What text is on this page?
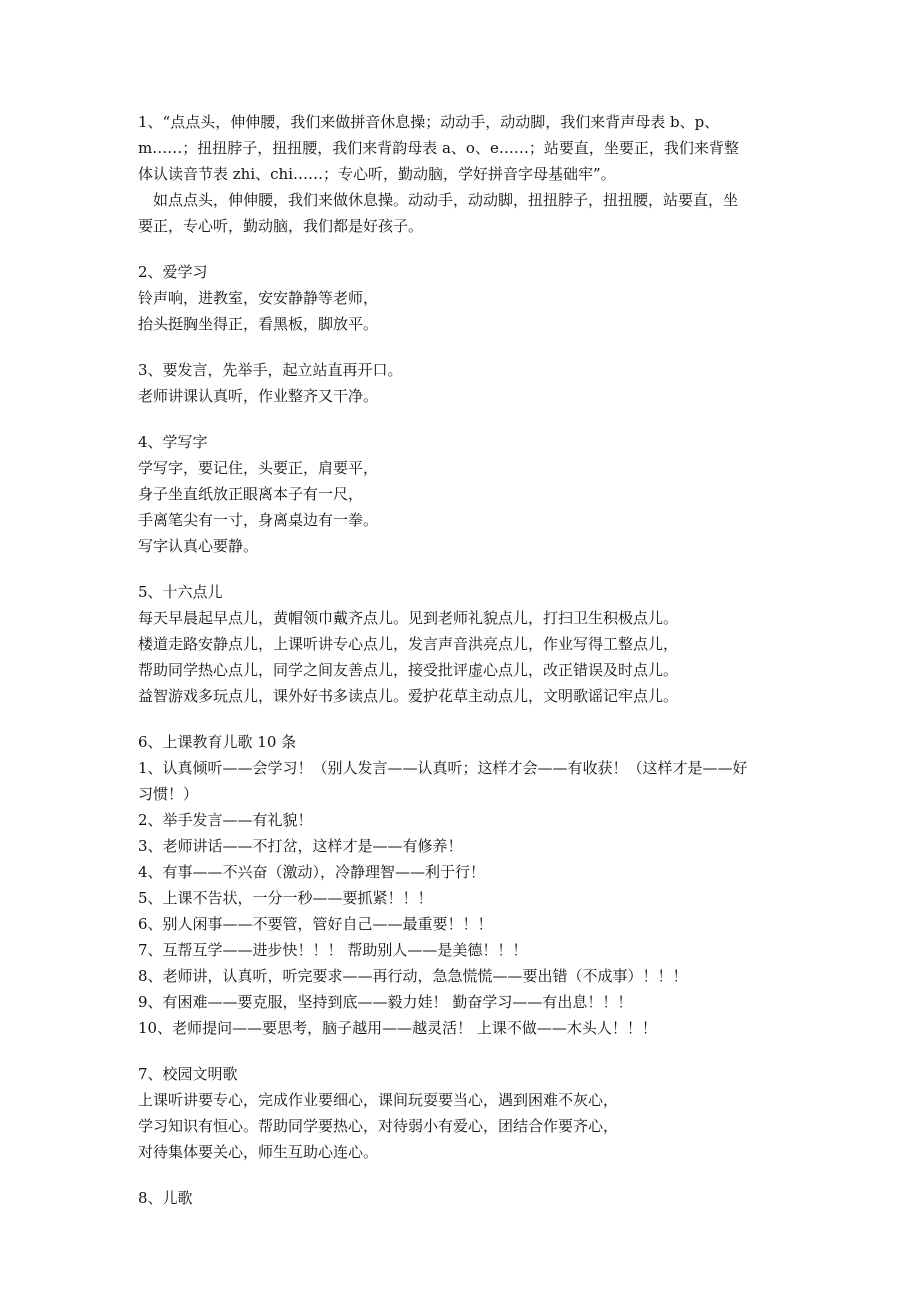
1、“点点头，伸伸腰，我们来做拼音休息操；动动手，动动脚，我们来背声母表 b、p、
m……；扭扭脖子，扭扭腰，我们来背韵母表 a、o、e……；站要直，坐要正，我们来背整
体认读音节表 zhi、chi……；专心听，勤动脑，学好拼音字母基础牢”。
如点点头，伸伸腰，我们来做休息操。动动手，动动脚，扭扭脖子，扭扭腰，站要直，坐
要正，专心听，勤动脑，我们都是好孩子。
2、爱学习
铃声响，进教室，安安静静等老师，
抬头挺胸坐得正，看黑板，脚放平。
3、要发言，先举手，起立站直再开口。
老师讲课认真听，作业整齐又干净。
4、学写字
学写字，要记住，头要正，肩要平，
身子坐直纸放正眼离本子有一尺，
手离笔尖有一寸，身离桌边有一拳。
写字认真心要静。
5、十六点儿
每天早晨起早点儿，黄帽领巾戴齐点儿。见到老师礼貌点儿，打扫卫生积极点儿。
楼道走路安静点儿，上课听讲专心点儿，发言声音洪亮点儿，作业写得工整点儿，
帮助同学热心点儿，同学之间友善点儿，接受批评虚心点儿，改正错误及时点儿。
益智游戏多玩点儿，课外好书多读点儿。爱护花草主动点儿，文明歌谣记牢点儿。
6、上课教育儿歌 10 条
1、认真倾听——会学习！（别人发言——认真听；这样才会——有收获！（这样才是——好
习惯！）
2、举手发言——有礼貌！
3、老师讲话——不打岔，这样才是——有修养！
4、有事——不兴奋（激动），冷静理智——利于行！
5、上课不告状，一分一秒——要抓紧！！！
6、别人闲事——不要管，管好自己——最重要！！！
7、互帮互学——进步快！！！ 帮助别人——是美德！！！
8、老师讲，认真听，听完要求——再行动，急急慌慌——要出错（不成事）！！！
9、有困难——要克服，坚持到底——毅力娃！ 勤奋学习——有出息！！！
10、老师提问——要思考，脑子越用——越灵活！ 上课不做——木头人！！！
7、校园文明歌
上课听讲要专心，完成作业要细心，课间玩耍要当心，遇到困难不灰心，
学习知识有恒心。帮助同学要热心，对待弱小有爱心，团结合作要齐心，
对待集体要关心，师生互助心连心。
8、儿歌
